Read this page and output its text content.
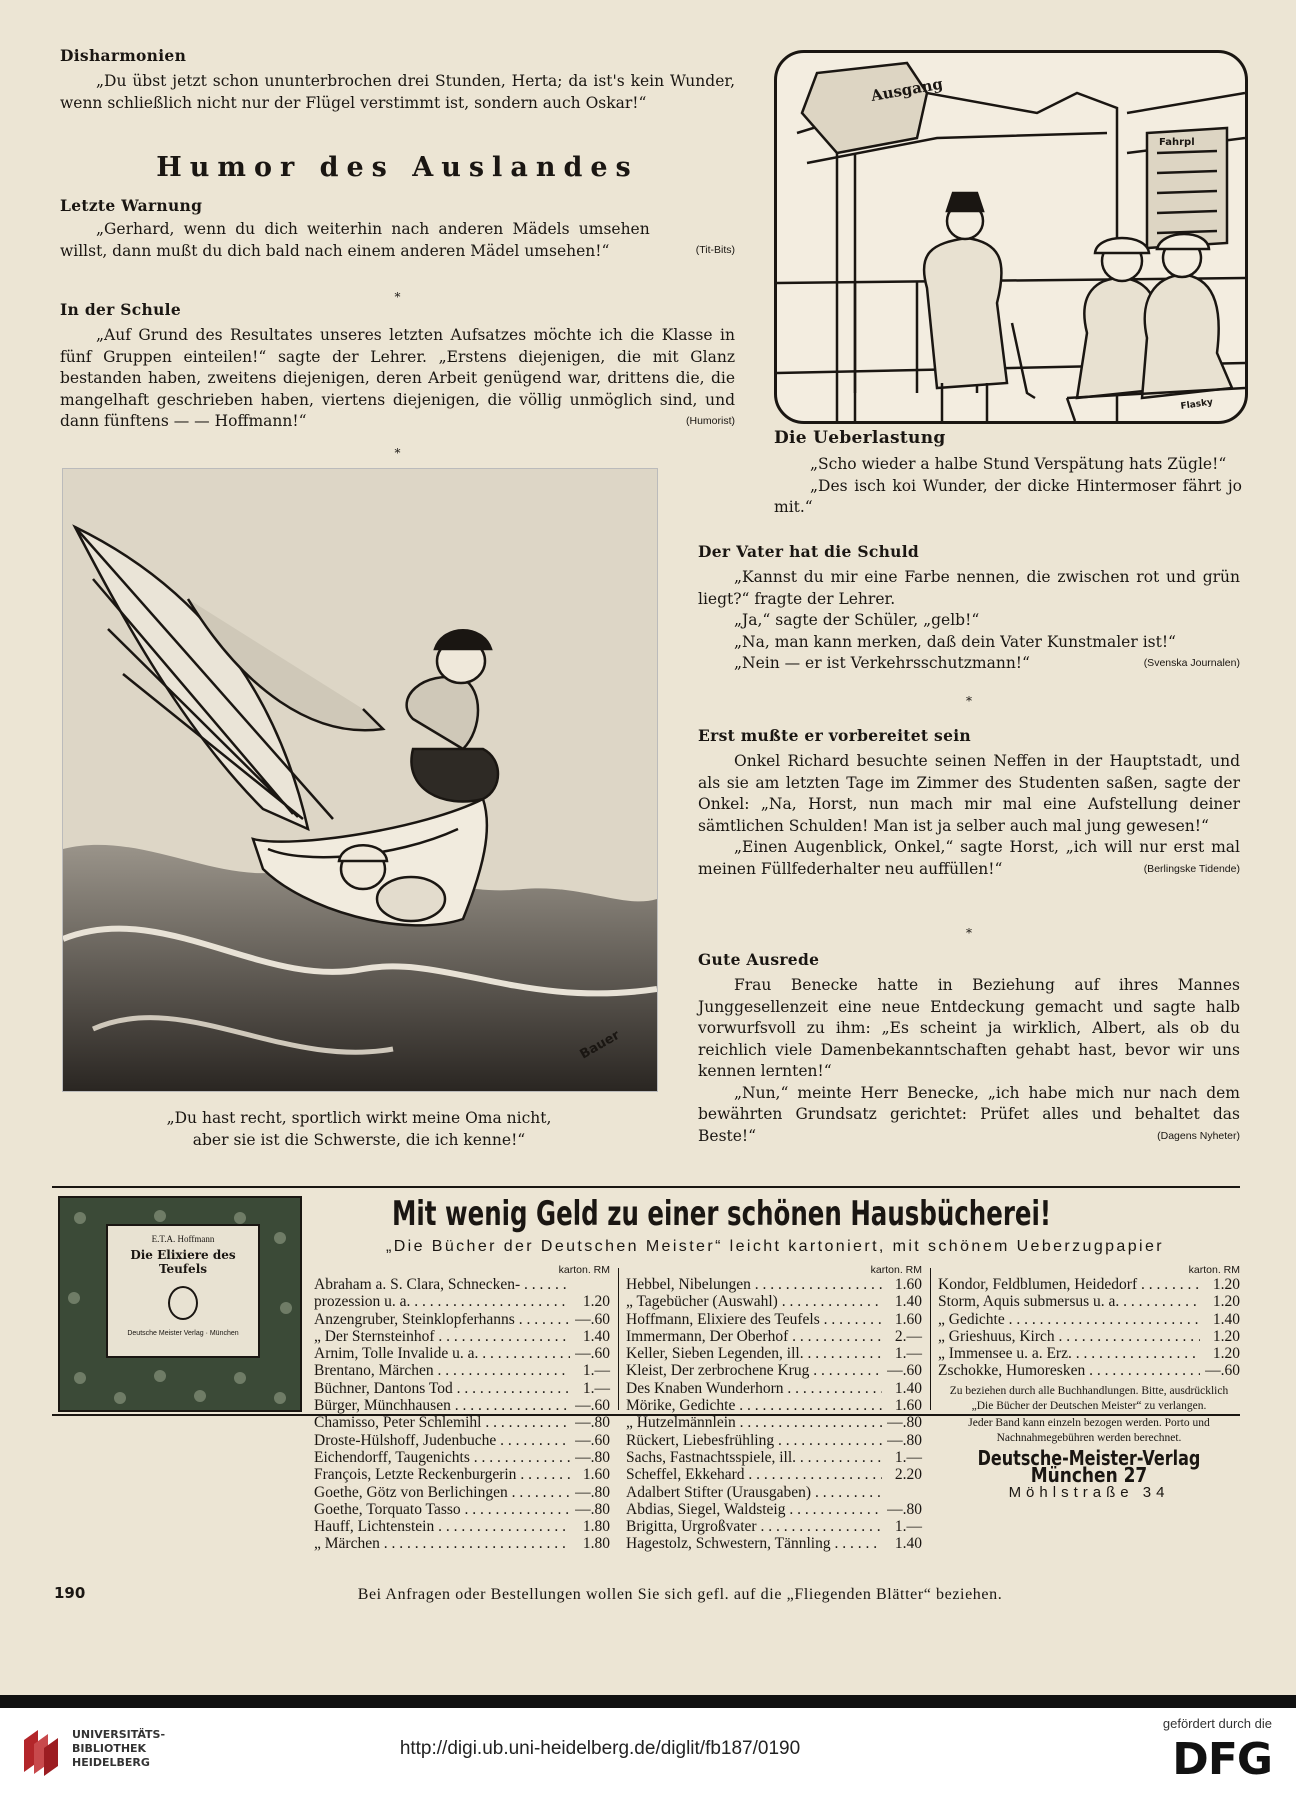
Disharmonien
„Du übst jetzt schon ununterbrochen drei Stunden, Herta; da ist's kein Wunder, wenn schließlich nicht nur der Flügel verstimmt ist, sondern auch Oskar!“
Humor des Auslandes
Letzte Warnung

(Tit-Bits)
„Gerhard, wenn du dich weiterhin nach anderen Mädels umsehen willst, dann mußt du dich bald nach einem anderen Mädel umsehen!“

*
In der Schule

„Auf Grund des Resultates unseres letzten Aufsatzes möchte ich die Klasse in fünf Gruppen einteilen!“ sagte der Lehrer. „Erstens diejenigen, die mit Glanz bestanden haben, zweitens diejenigen, deren Arbeit genügend war, drittens die, die mangelhaft geschrieben haben, viertens diejenigen, die völlig unmöglich sind, und dann fünftens — — Hoffmann!“	(Humorist)

*
Ausgang
Fahrpl
Flasky
Die Ueberlastung

„Scho wieder a halbe Stund Verspätung hats Zügle!“

„Des isch koi Wunder, der dicke Hintermoser fährt jo mit.“

Bauer
„Du hast recht, sportlich wirkt meine Oma nicht,
aber sie ist die Schwerste, die ich kenne!“
Der Vater hat die Schuld

„Kannst du mir eine Farbe nennen, die zwischen rot und grün liegt?“ fragte der Lehrer.

„Ja,“ sagte der Schüler, „gelb!“

„Na, man kann merken, daß dein Vater Kunstmaler ist!“

(Svenska Journalen)
„Nein — er ist Verkehrsschutzmann!“

*
Erst mußte er vorbereitet sein

Onkel Richard besuchte seinen Neffen in der Hauptstadt, und als sie am letzten Tage im Zimmer des Studenten saßen, sagte der Onkel: „Na, Horst, nun mach mir mal eine Aufstellung deiner sämtlichen Schulden! Man ist ja selber auch mal jung gewesen!“

„Einen Augenblick, Onkel,“ sagte Horst, „ich will nur erst mal meinen Füllfederhalter neu auffüllen!“	(Berlingske Tidende)

*
Gute Ausrede

Frau Benecke hatte in Beziehung auf ihres Mannes Junggesellenzeit eine neue Entdeckung gemacht und sagte halb vorwurfsvoll zu ihm: „Es scheint ja wirklich, Albert, als ob du reichlich viele Damenbekanntschaften gehabt hast, bevor wir uns kennen lernten!“

„Nun,“ meinte Herr Benecke, „ich habe mich nur nach dem bewährten Grundsatz gerichtet: Prüfet alles und behaltet das Beste!“	(Dagens Nyheter)

E.T.A. Hoffmann
Die Elixiere des Teufels
Deutsche Meister Verlag · München
Mit wenig Geld zu einer schönen Hausbücherei!
„Die Bücher der Deutschen Meister“ leicht kartoniert, mit schönem Ueberzugpapier
karton. RM
Abraham a. S. Clara, Schnecken- . . .
prozession u. a. . . .	1.20
Anzengruber, Steinklopferhanns . . .	—.60
„ Der Sternsteinhof . . .	1.40
Arnim, Tolle Invalide u. a. . . .	—.60
Brentano, Märchen . . .	1.—
Büchner, Dantons Tod . . .	1.—
Bürger, Münchhausen . . .	—.60
Chamisso, Peter Schlemihl . . .	—.80
Droste-Hülshoff, Judenbuche . . .	—.60
Eichendorff, Taugenichts . . .	—.80
François, Letzte Reckenburgerin . . .	1.60
Goethe, Götz von Berlichingen . . .	—.80
Goethe, Torquato Tasso . . .	—.80
Hauff, Lichtenstein . . .	1.80
„ Märchen . . .	1.80
karton. RM
Hebbel, Nibelungen . . .	1.60
„ Tagebücher (Auswahl) . . .	1.40
Hoffmann, Elixiere des Teufels . . .	1.60
Immermann, Der Oberhof . . .	2.—
Keller, Sieben Legenden, ill. . . .	1.—
Kleist, Der zerbrochene Krug . . .	—.60
Des Knaben Wunderhorn . . .	1.40
Mörike, Gedichte . . .	1.60
„ Hutzelmännlein . . .	—.80
Rückert, Liebesfrühling . . .	—.80
Sachs, Fastnachtsspiele, ill. . . .	1.—
Scheffel, Ekkehard . . .	2.20
Adalbert Stifter (Urausgaben) . . .
Abdias, Siegel, Waldsteig . . .	—.80
Brigitta, Urgroßvater . . .	1.—
Hagestolz, Schwestern, Tännling . . .	1.40
karton. RM
Kondor, Feldblumen, Heidedorf . . .	1.20
Storm, Aquis submersus u. a. . . .	1.20
„ Gedichte . . .	1.40
„ Grieshuus, Kirch . . .	1.20
„ Immensee u. a. Erz. . . .	1.20
Zschokke, Humoresken . . .	—.60
Zu beziehen durch alle Buchhandlungen. Bitte, ausdrücklich „Die Bücher der Deutschen Meister“ zu verlangen.
Jeder Band kann einzeln bezogen werden. Porto und Nachnahmegebühren werden berechnet.
Deutsche-Meister-Verlag
München 27
Möhlstraße 34
190	Bei Anfragen oder Bestellungen wollen Sie sich gefl. auf die „Fliegenden Blätter“ beziehen.
UNIVERSITÄTS-
BIBLIOTHEK
HEIDELBERG
http://digi.ub.uni-heidelberg.de/diglit/fb187/0190
gefördert durch die
DFG
